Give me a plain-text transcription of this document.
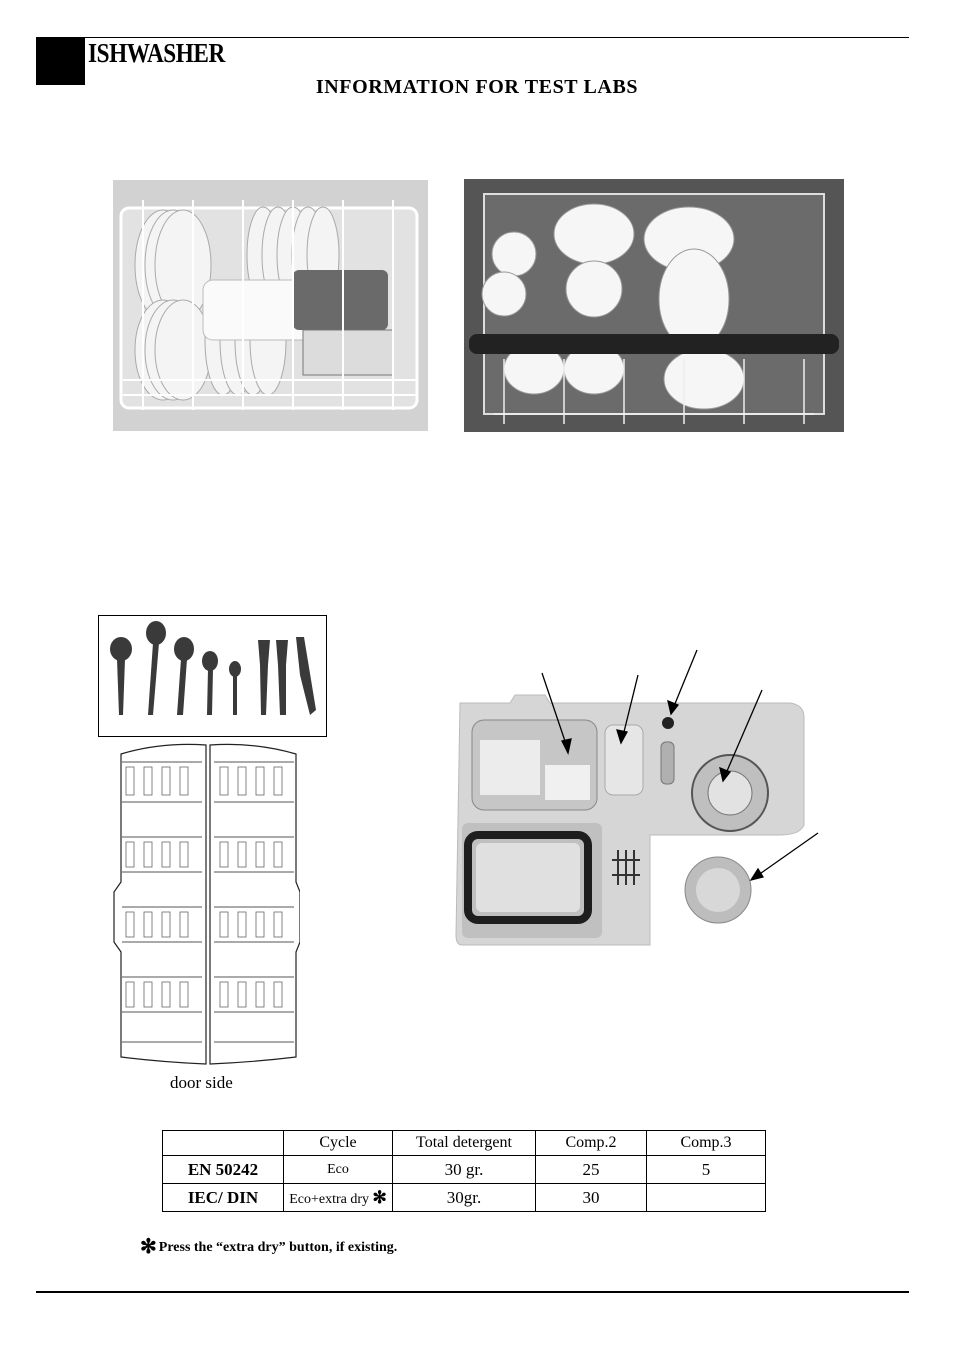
ISHWASHER
INFORMATION FOR TEST LABS
door side
	Cycle	Total detergent	Comp.2	Comp.3
EN 50242	Eco	30 gr.	25	5
IEC/ DIN	Eco+extra dry ✻	30gr.	30	
✻ Press the “extra dry” button, if existing.
